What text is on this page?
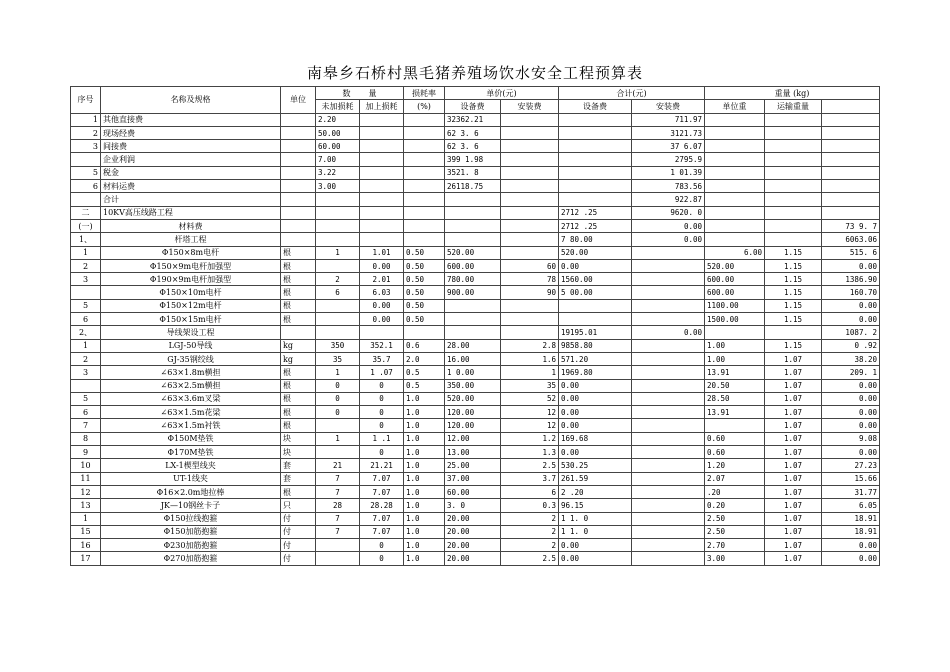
南皋乡石桥村黑毛猪养殖场饮水安全工程预算表
序号	名称及规格	单位	数 量		损耗率	单价(元)		合计(元)		重量 (kg)		
			未加损耗	加上损耗	(%)	设备费	安装费	设备费	安装费	单位重	运输重量	
1	其他直接费		2.20			32362.21			711.97			
2	现场经费		50.00			62 3. 6			3121.73			
3	间接费		60.00			62 3. 6			37 6.07			
	企业利润		7.00			399 1.98			2795.9			
5	税金		3.22			3521. 8			1 01.39			
6	材料运费		3.00			26118.75			783.56			
	合计								922.87			
二	10KV高压线路工程							2712 .25	9620. 0			
(一)	材料费							2712 .25	0.00			73 9. 7
1、	杆塔工程							7 80.00	0.00			6063.06
1	Φ150×8m电杆	根	1	1.01	0.50	520.00		520.00		6.00	1.15	515. 6
2	Φ150×9m电杆加强型	根		0.00	0.50	600.00	60	0.00		520.00	1.15	0.00
3	Φ190×9m电杆加强型	根	2	2.01	0.50	780.00	78	1560.00		600.00	1.15	1386.90
	Φ150×10m电杆	根	6	6.03	0.50	900.00	90	5 00.00		600.00	1.15	160.70
5	Φ150×12m电杆	根		0.00	0.50					1100.00	1.15	0.00
6	Φ150×15m电杆	根		0.00	0.50					1500.00	1.15	0.00
2、	导线架设工程							19195.01	0.00			1087. 2
1	LGJ-50导线	kg	350	352.1	0.6	28.00	2.8	9858.80		1.00	1.15	0 .92
2	GJ-35钢绞线	kg	35	35.7	2.0	16.00	1.6	571.20		1.00	1.07	38.20
3	∠63×1.8m横担	根	1	1 .07	0.5	1 0.00	1	1969.80		13.91	1.07	209. 1
	∠63×2.5m横担	根	0	0	0.5	350.00	35	0.00		20.50	1.07	0.00
5	∠63×3.6m叉梁	根	0	0	1.0	520.00	52	0.00		28.50	1.07	0.00
6	∠63×1.5m花梁	根	0	0	1.0	120.00	12	0.00		13.91	1.07	0.00
7	∠63×1.5m衬铁	根		0	1.0	120.00	12	0.00			1.07	0.00
8	Φ150M垫铁	块	1	1 .1	1.0	12.00	1.2	169.68		0.60	1.07	9.08
9	Φ170M垫铁	块		0	1.0	13.00	1.3	0.00		0.60	1.07	0.00
10	LX-1楔型线夹	套	21	21.21	1.0	25.00	2.5	530.25		1.20	1.07	27.23
11	UT-1线夹	套	7	7.07	1.0	37.00	3.7	261.59		2.07	1.07	15.66
12	Φ16×2.0m地拉棒	根	7	7.07	1.0	60.00	6	2 .20		.20	1.07	31.77
13	JK—10钢丝卡子	只	28	28.28	1.0	3. 0	0.3	96.15		0.20	1.07	6.05
1	Φ150拉线抱箍	付	7	7.07	1.0	20.00	2	1 1. 0		2.50	1.07	18.91
15	Φ150加筋抱箍	付	7	7.07	1.0	20.00	2	1 1. 0		2.50	1.07	18.91
16	Φ230加筋抱箍	付		0	1.0	20.00	2	0.00		2.70	1.07	0.00
17	Φ270加筋抱箍	付		0	1.0	20.00	2.5	0.00		3.00	1.07	0.00
